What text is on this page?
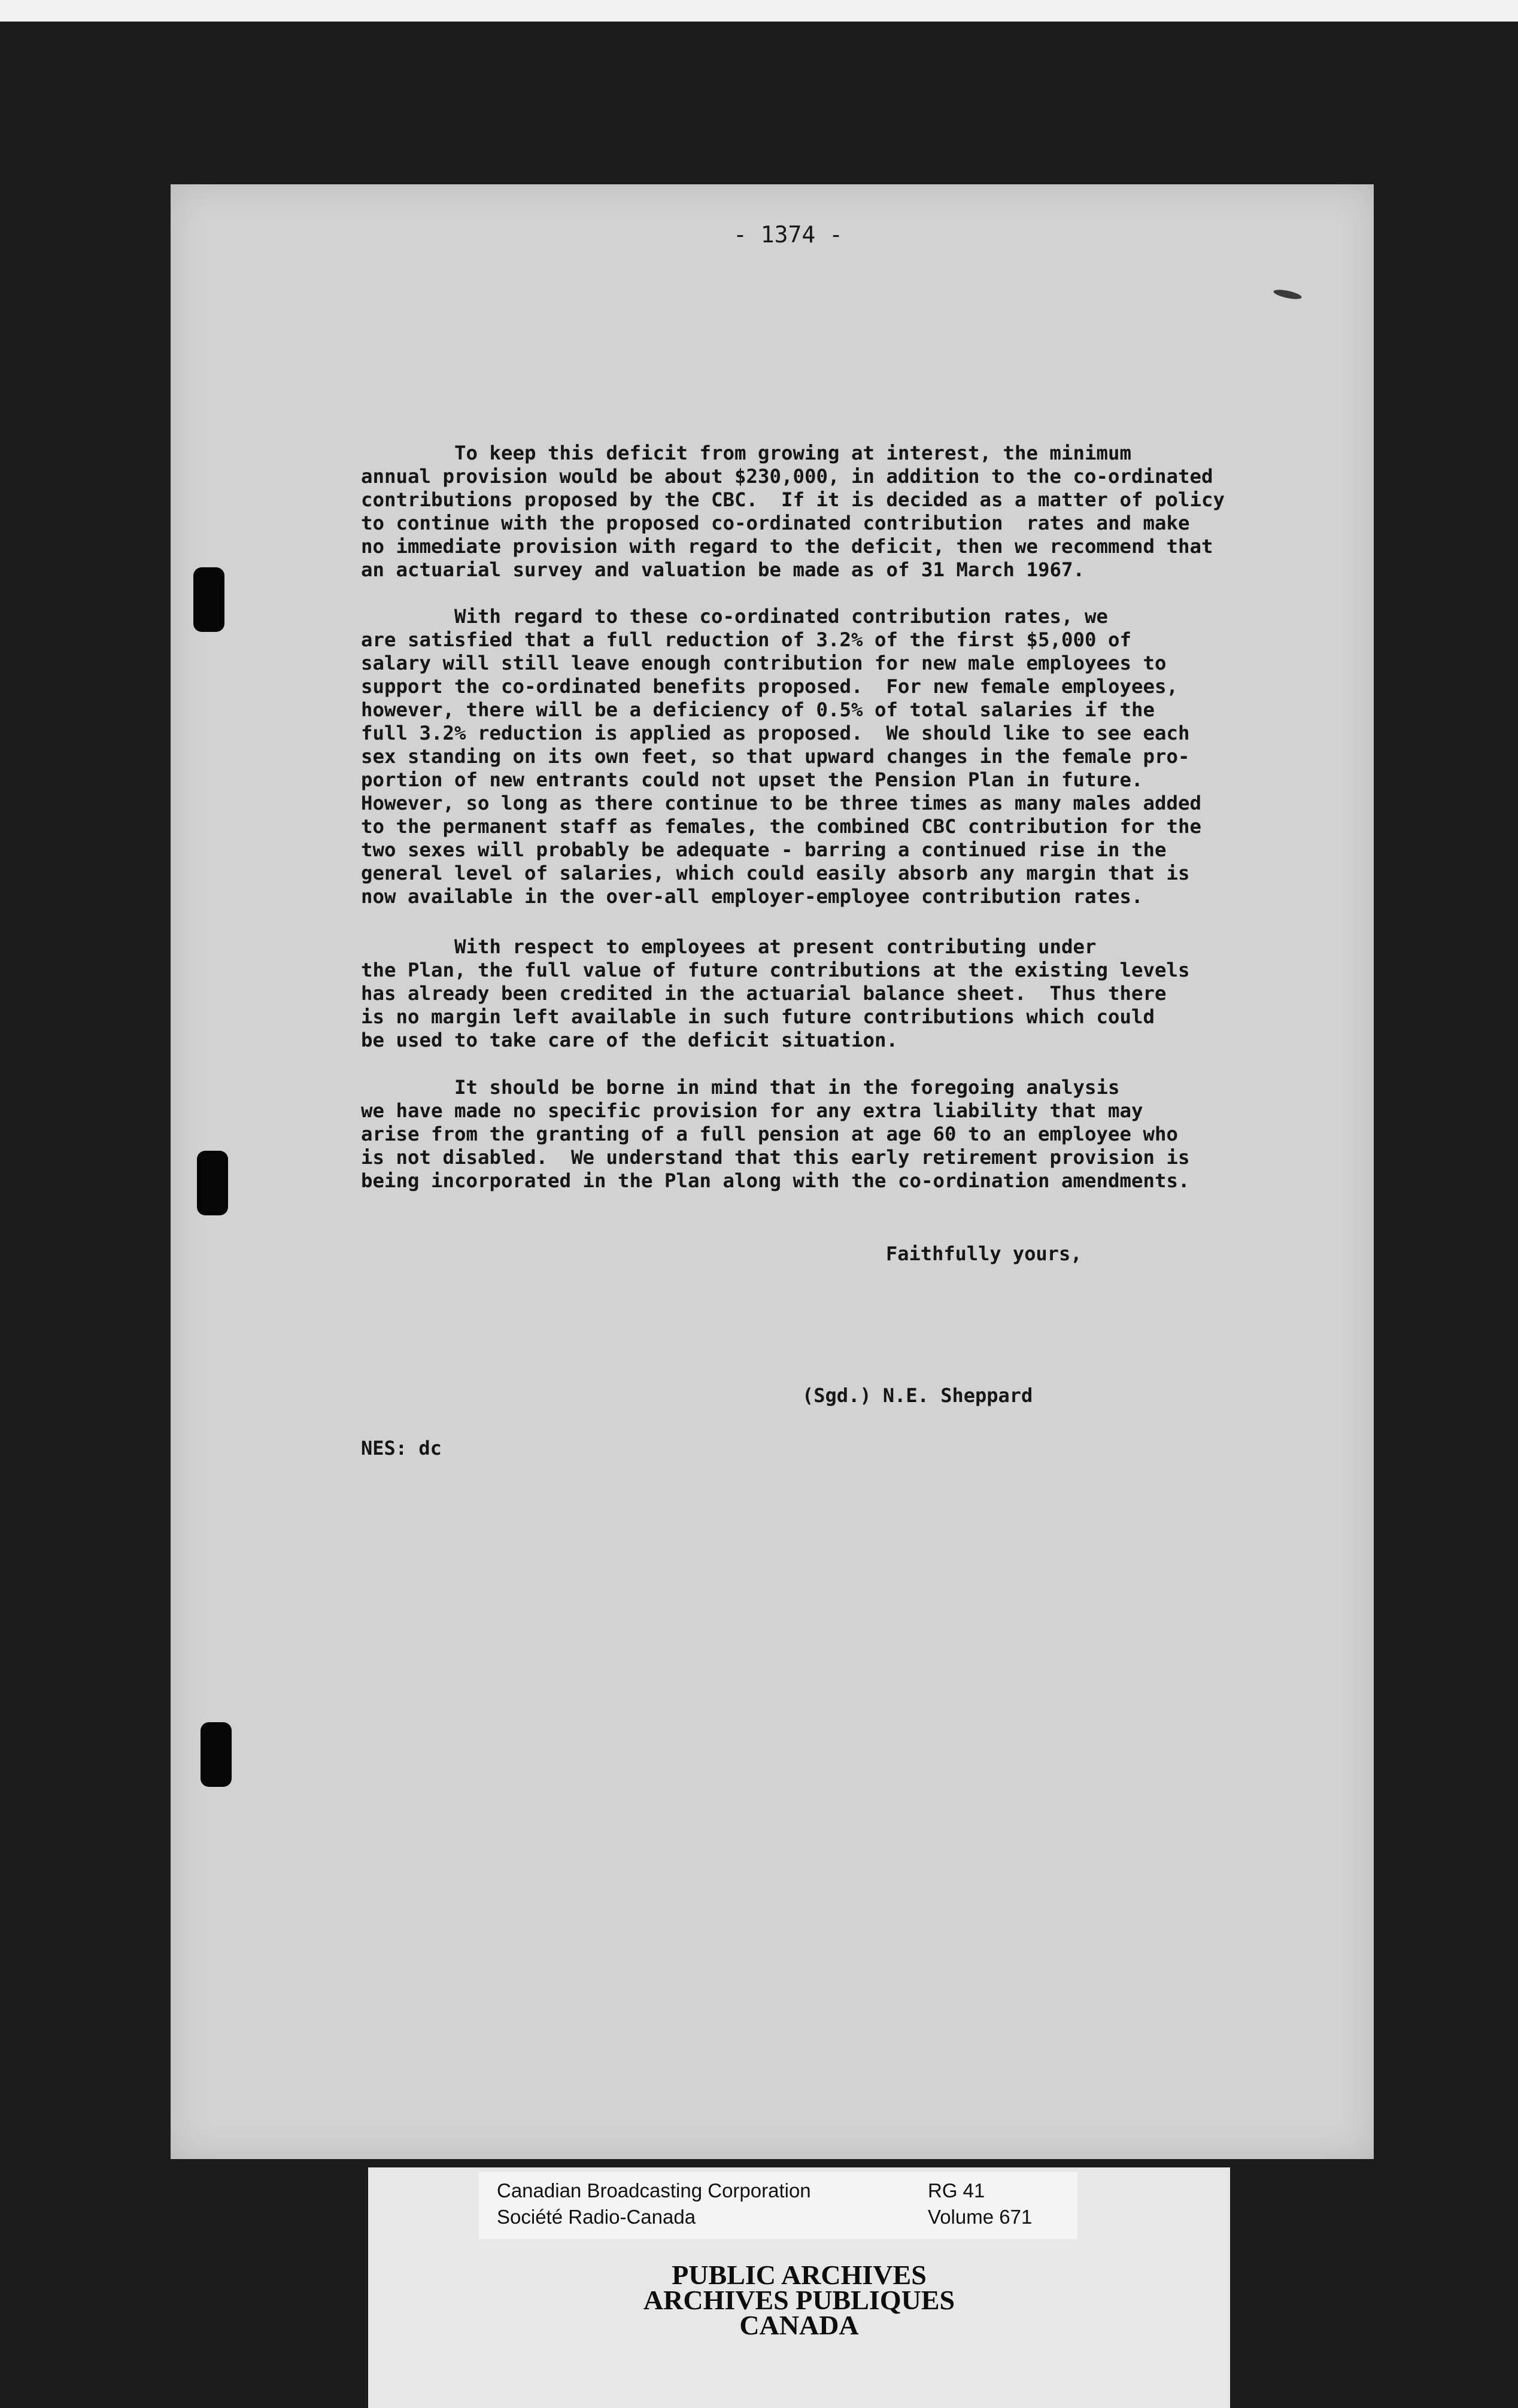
- 1374 -
To keep this deficit from growing at interest, the minimum
annual provision would be about $230,000, in addition to the co-ordinated
contributions proposed by the CBC.  If it is decided as a matter of policy
to continue with the proposed co-ordinated contribution  rates and make
no immediate provision with regard to the deficit, then we recommend that
an actuarial survey and valuation be made as of 31 March 1967.
With regard to these co-ordinated contribution rates, we
are satisfied that a full reduction of 3.2% of the first $5,000 of
salary will still leave enough contribution for new male employees to
support the co-ordinated benefits proposed.  For new female employees,
however, there will be a deficiency of 0.5% of total salaries if the
full 3.2% reduction is applied as proposed.  We should like to see each
sex standing on its own feet, so that upward changes in the female pro-
portion of new entrants could not upset the Pension Plan in future.
However, so long as there continue to be three times as many males added
to the permanent staff as females, the combined CBC contribution for the
two sexes will probably be adequate - barring a continued rise in the
general level of salaries, which could easily absorb any margin that is
now available in the over-all employer-employee contribution rates.
With respect to employees at present contributing under
the Plan, the full value of future contributions at the existing levels
has already been credited in the actuarial balance sheet.  Thus there
is no margin left available in such future contributions which could
be used to take care of the deficit situation.
It should be borne in mind that in the foregoing analysis
we have made no specific provision for any extra liability that may
arise from the granting of a full pension at age 60 to an employee who
is not disabled.  We understand that this early retirement provision is
being incorporated in the Plan along with the co-ordination amendments.
Faithfully yours,
(Sgd.) N.E. Sheppard
NES: dc
Canadian Broadcasting Corporation
Société Radio-Canada
RG 41
Volume 671
PUBLIC ARCHIVES
ARCHIVES PUBLIQUES
CANADA
